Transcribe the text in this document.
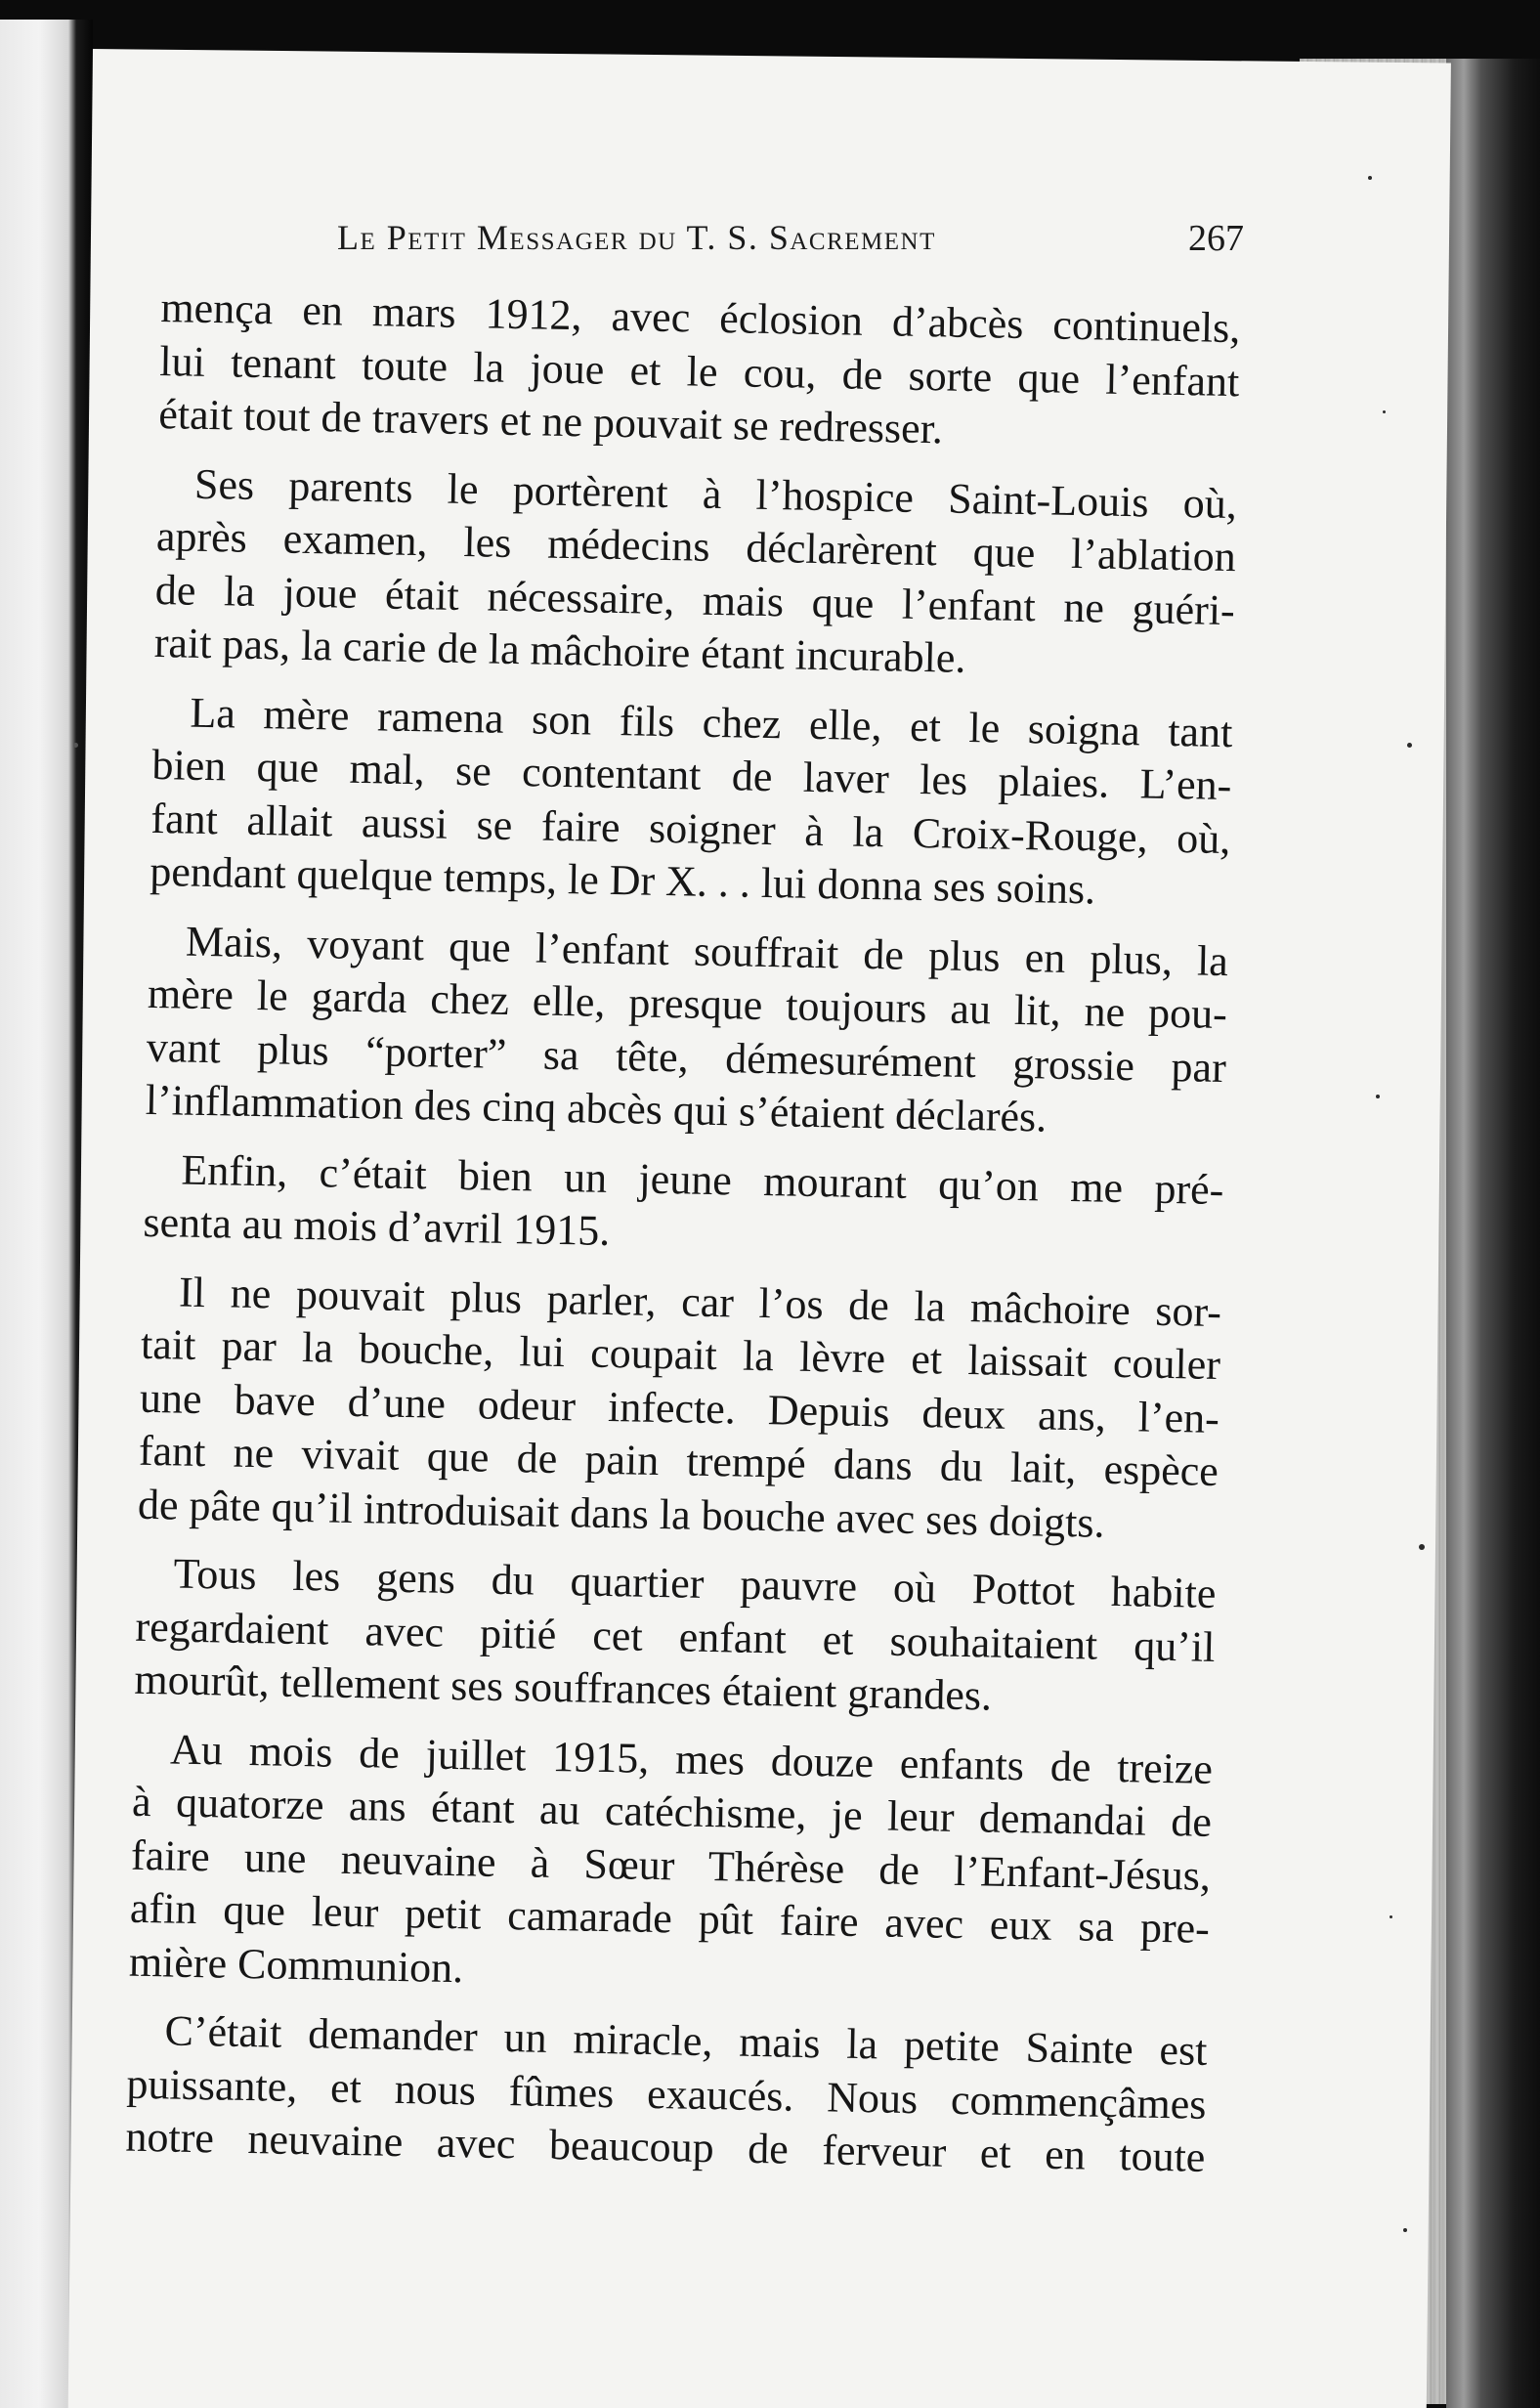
Le Petit Messager du T. S. Sacrement	267
mença en mars 1912, avec éclosion d’abcès continuels,
lui tenant toute la joue et le cou, de sorte que l’enfant
était tout de travers et ne pouvait se redresser.
Ses parents le portèrent à l’hospice Saint-Louis où,
après examen, les médecins déclarèrent que l’ablation
de la joue était nécessaire, mais que l’enfant ne guéri-
rait pas, la carie de la mâchoire étant incurable.
La mère ramena son fils chez elle, et le soigna tant
bien que mal, se contentant de laver les plaies. L’en-
fant allait aussi se faire soigner à la Croix-Rouge, où,
pendant quelque temps, le Dr X. . . lui donna ses soins.
Mais, voyant que l’enfant souffrait de plus en plus, la
mère le garda chez elle, presque toujours au lit, ne pou-
vant plus “porter” sa tête, démesurément grossie par
l’inflammation des cinq abcès qui s’étaient déclarés.
Enfin, c’était bien un jeune mourant qu’on me pré-
senta au mois d’avril 1915.
Il ne pouvait plus parler, car l’os de la mâchoire sor-
tait par la bouche, lui coupait la lèvre et laissait couler
une bave d’une odeur infecte. Depuis deux ans, l’en-
fant ne vivait que de pain trempé dans du lait, espèce
de pâte qu’il introduisait dans la bouche avec ses doigts.
Tous les gens du quartier pauvre où Pottot habite
regardaient avec pitié cet enfant et souhaitaient qu’il
mourût, tellement ses souffrances étaient grandes.
Au mois de juillet 1915, mes douze enfants de treize
à quatorze ans étant au catéchisme, je leur demandai de
faire une neuvaine à Sœur Thérèse de l’Enfant-Jésus,
afin que leur petit camarade pût faire avec eux sa pre-
mière Communion.
C’était demander un miracle, mais la petite Sainte est
puissante, et nous fûmes exaucés. Nous commençâmes
notre neuvaine avec beaucoup de ferveur et en toute
